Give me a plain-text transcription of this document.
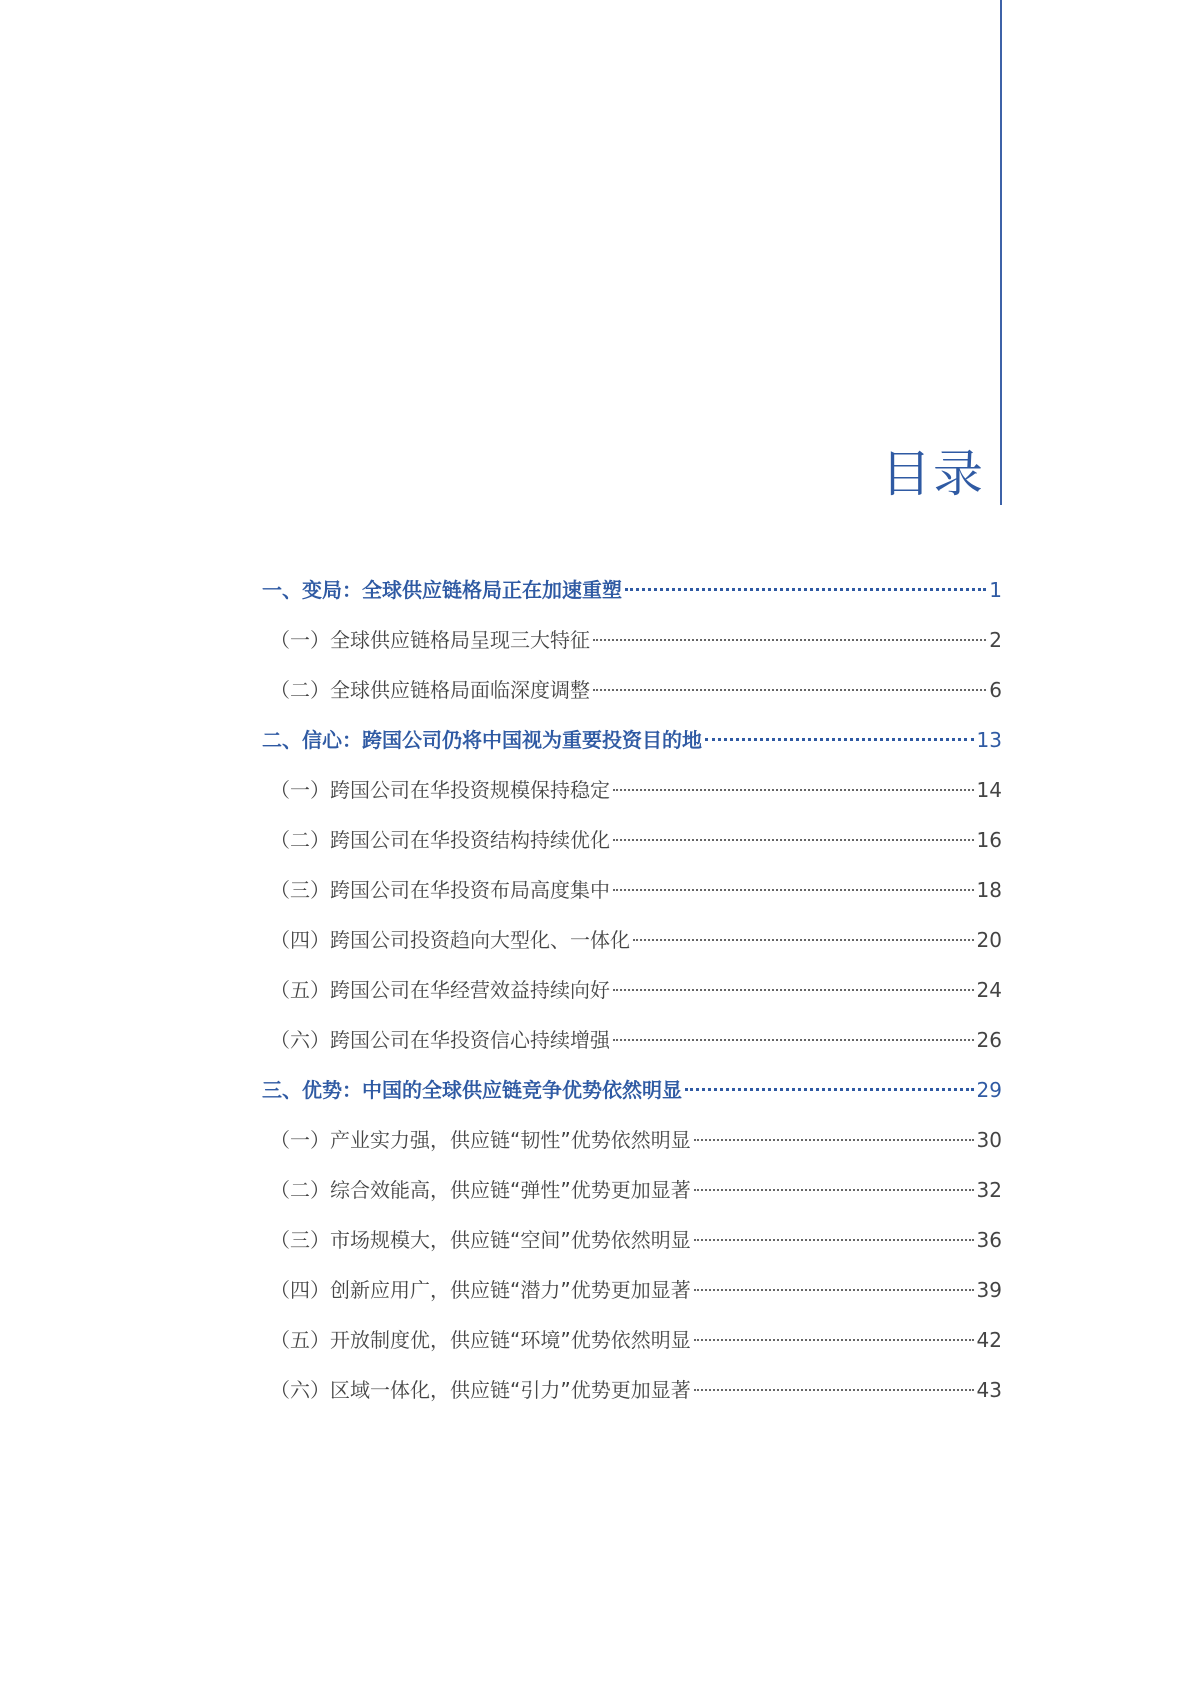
目录
一、变局：全球供应链格局正在加速重塑	1
（一）全球供应链格局呈现三大特征	2
（二）全球供应链格局面临深度调整	6
二、信心：跨国公司仍将中国视为重要投资目的地	13
（一）跨国公司在华投资规模保持稳定	14
（二）跨国公司在华投资结构持续优化	16
（三）跨国公司在华投资布局高度集中	18
（四）跨国公司投资趋向大型化、一体化	20
（五）跨国公司在华经营效益持续向好	24
（六）跨国公司在华投资信心持续增强	26
三、优势：中国的全球供应链竞争优势依然明显	29
（一）产业实力强，供应链“韧性”优势依然明显	30
（二）综合效能高，供应链“弹性”优势更加显著	32
（三）市场规模大，供应链“空间”优势依然明显	36
（四）创新应用广，供应链“潜力”优势更加显著	39
（五）开放制度优，供应链“环境”优势依然明显	42
（六）区域一体化，供应链“引力”优势更加显著	43
